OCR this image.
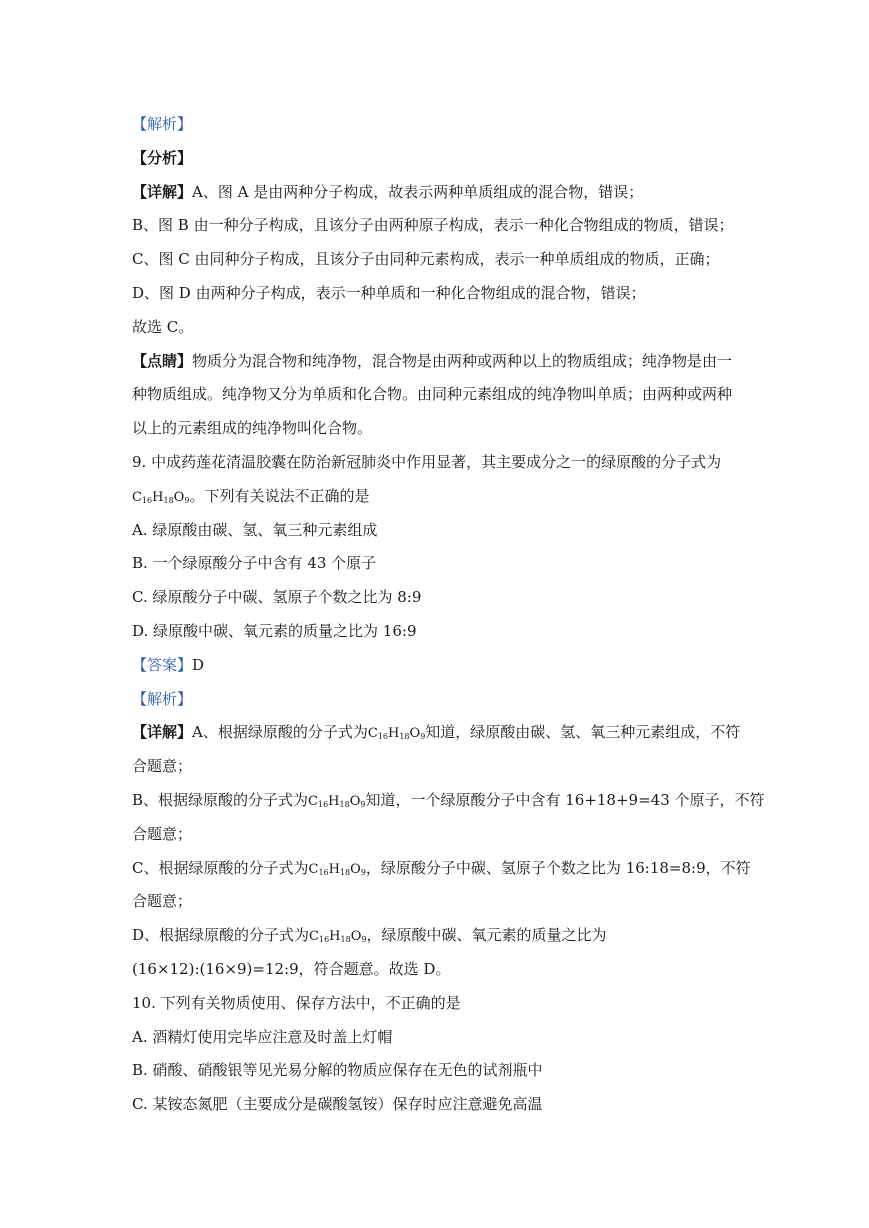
【解析】
【分析】
【详解】A、图 A 是由两种分子构成，故表示两种单质组成的混合物，错误；
B、图 B 由一种分子构成，且该分子由两种原子构成，表示一种化合物组成的物质，错误；
C、图 C 由同种分子构成，且该分子由同种元素构成，表示一种单质组成的物质，正确；
D、图 D 由两种分子构成，表示一种单质和一种化合物组成的混合物，错误；
故选 C。
【点睛】物质分为混合物和纯净物，混合物是由两种或两种以上的物质组成；纯净物是由一
种物质组成。纯净物又分为单质和化合物。由同种元素组成的纯净物叫单质；由两种或两种
以上的元素组成的纯净物叫化合物。
9. 中成药莲花清温胶囊在防治新冠肺炎中作用显著，其主要成分之一的绿原酸的分子式为
$C_{16}H_{18}O_9$。下列有关说法不正确的是
A. 绿原酸由碳、氢、氧三种元素组成
B. 一个绿原酸分子中含有 43 个原子
C. 绿原酸分子中碳、氢原子个数之比为 8:9
D. 绿原酸中碳、氧元素的质量之比为 16:9
【答案】D
【解析】
【详解】A、根据绿原酸的分子式为$C_{16}H_{18}O_9$知道，绿原酸由碳、氢、氧三种元素组成，不符
合题意；
B、根据绿原酸的分子式为$C_{16}H_{18}O_9$知道，一个绿原酸分子中含有 16+18+9=43 个原子，不符
合题意；
C、根据绿原酸的分子式为$C_{16}H_{18}O_9$，绿原酸分子中碳、氢原子个数之比为 16:18=8:9，不符
合题意；
D、根据绿原酸的分子式为$C_{16}H_{18}O_9$，绿原酸中碳、氧元素的质量之比为
(16×12):(16×9)=12:9，符合题意。故选 D。
10. 下列有关物质使用、保存方法中，不正确的是
A. 酒精灯使用完毕应注意及时盖上灯帽
B. 硝酸、硝酸银等见光易分解的物质应保存在无色的试剂瓶中
C. 某铵态氮肥（主要成分是碳酸氢铵）保存时应注意避免高温
